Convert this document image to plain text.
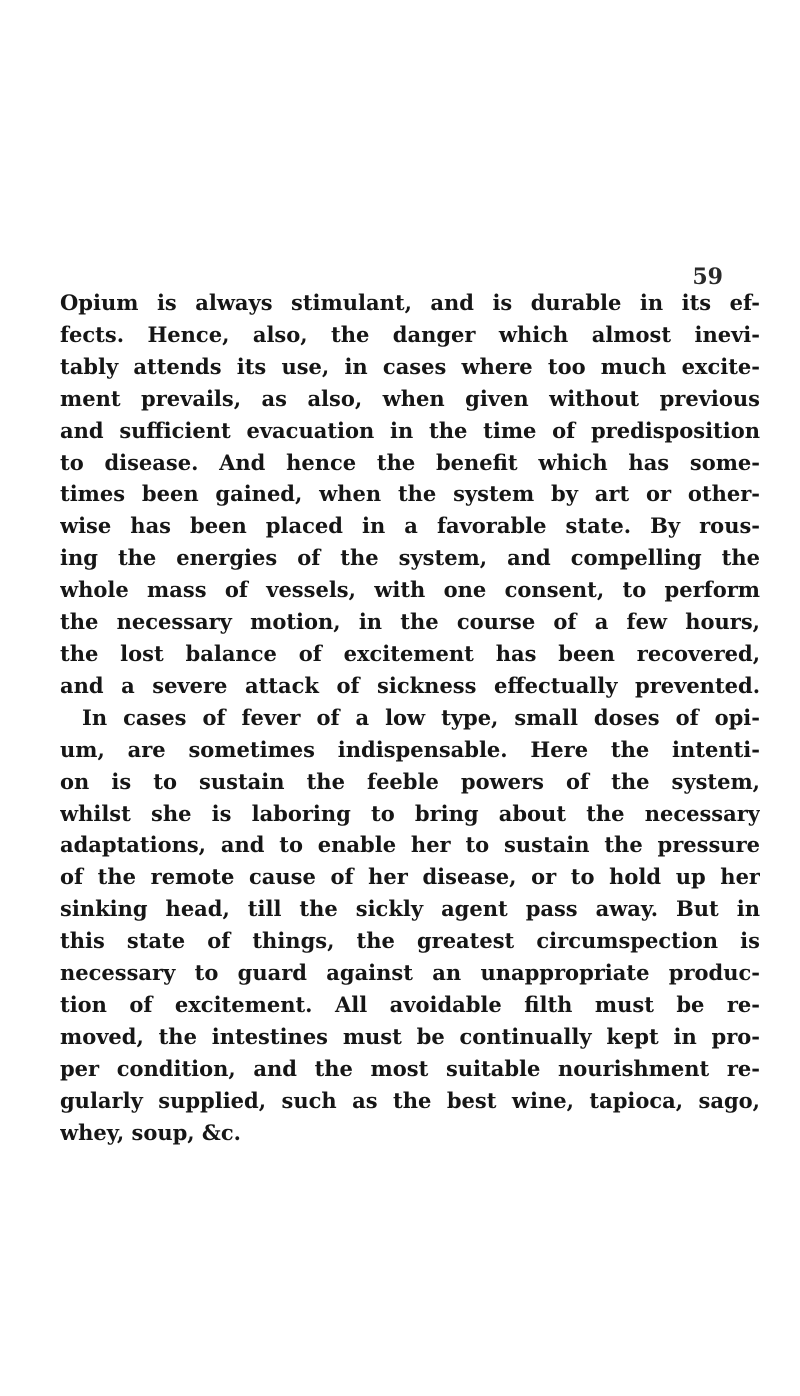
59
Opium is always stimulant, and is durable in its ef-
fects. Hence, also, the danger which almost inevi-
tably attends its use, in cases where too much excite-
ment prevails, as also, when given without previous
and sufficient evacuation in the time of predisposition
to disease. And hence the benefit which has some-
times been gained, when the system by art or other-
wise has been placed in a favorable state. By rous-
ing the energies of the system, and compelling the
whole mass of vessels, with one consent, to perform
the necessary motion, in the course of a few hours,
the lost balance of excitement has been recovered,
and a severe attack of sickness effectually prevented.
In cases of fever of a low type, small doses of opi-
um, are sometimes indispensable. Here the intenti-
on is to sustain the feeble powers of the system,
whilst she is laboring to bring about the necessary
adaptations, and to enable her to sustain the pressure
of the remote cause of her disease, or to hold up her
sinking head, till the sickly agent pass away. But in
this state of things, the greatest circumspection is
necessary to guard against an unappropriate produc-
tion of excitement. All avoidable filth must be re-
moved, the intestines must be continually kept in pro-
per condition, and the most suitable nourishment re-
gularly supplied, such as the best wine, tapioca, sago,
whey, soup, &c.
